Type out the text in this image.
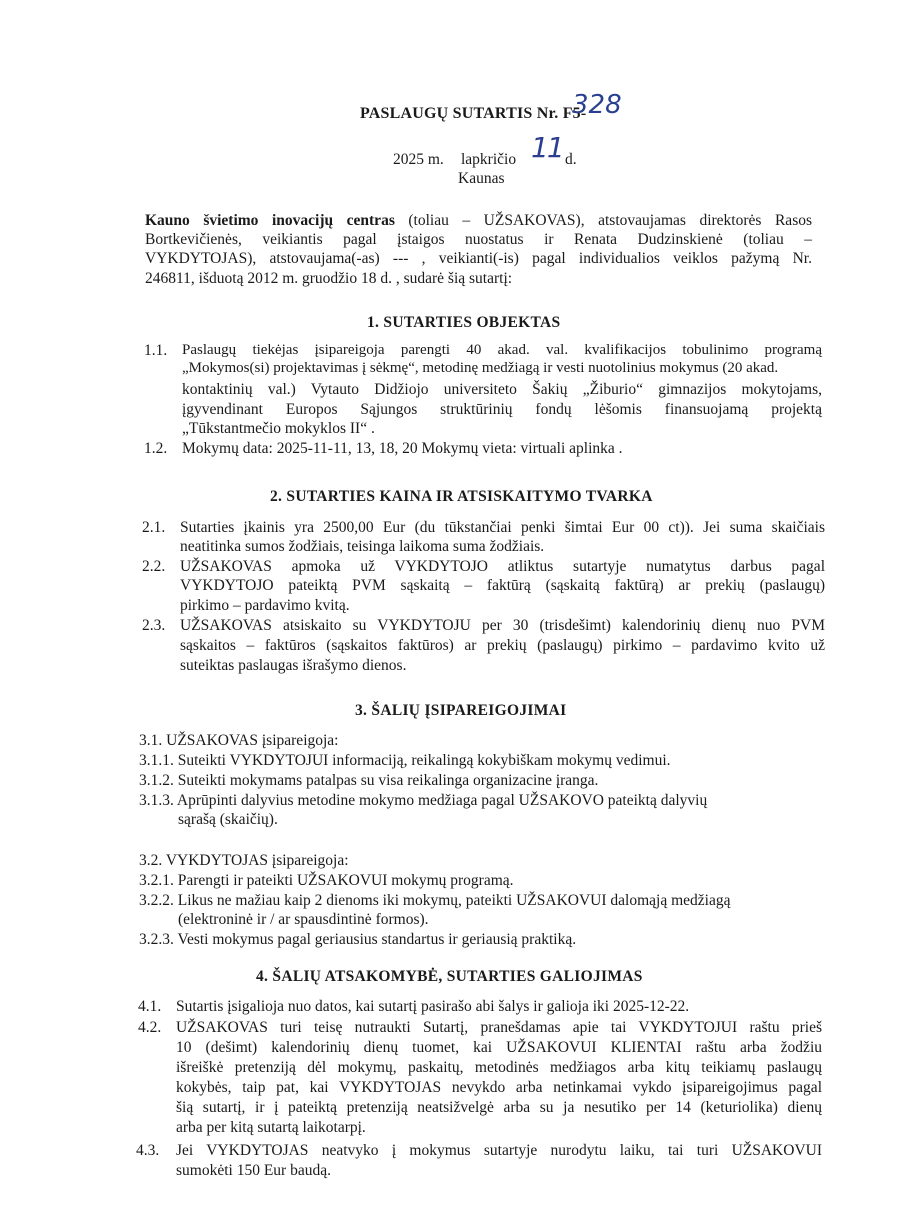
PASLAUGŲ SUTARTIS Nr. F5-
328
2025 m. lapkričio 11 d.
Kaunas
Kauno švietimo inovacijų centras (toliau – UŽSAKOVAS), atstovaujamas direktorės Rasos
Bortkevičienės, veikiantis pagal įstaigos nuostatus ir Renata Dudzinskienė (toliau –
VYKDYTOJAS), atstovaujama(-as) --- , veikianti(-is) pagal individualios veiklos pažymą Nr.
246811, išduotą 2012 m. gruodžio 18 d. , sudarė šią sutartį:
1. SUTARTIES OBJEKTAS
1.1. Paslaugų tiekėjas įsipareigoja parengti 40 akad. val. kvalifikacijos tobulinimo programą
„Mokymos(si) projektavimas į sėkmę“, metodinę medžiagą ir vesti nuotolinius mokymus (20 akad.
kontaktinių val.) Vytauto Didžiojo universiteto Šakių „Žiburio“ gimnazijos mokytojams,
įgyvendinant Europos Sąjungos struktūrinių fondų lėšomis finansuojamą projektą
„Tūkstantmečio mokyklos II“ .
1.2. Mokymų data: 2025-11-11, 13, 18, 20 Mokymų vieta: virtuali aplinka .
2. SUTARTIES KAINA IR ATSISKAITYMO TVARKA
2.1. Sutarties įkainis yra 2500,00 Eur (du tūkstančiai penki šimtai Eur 00 ct)). Jei suma skaičiais
neatitinka sumos žodžiais, teisinga laikoma suma žodžiais.
2.2. UŽSAKOVAS apmoka už VYKDYTOJO atliktus sutartyje numatytus darbus pagal
VYKDYTOJO pateiktą PVM sąskaitą – faktūrą (sąskaitą faktūrą) ar prekių (paslaugų)
pirkimo – pardavimo kvitą.
2.3. UŽSAKOVAS atsiskaito su VYKDYTOJU per 30 (trisdešimt) kalendorinių dienų nuo PVM
sąskaitos – faktūros (sąskaitos faktūros) ar prekių (paslaugų) pirkimo – pardavimo kvito už
suteiktas paslaugas išrašymo dienos.
3. ŠALIŲ ĮSIPAREIGOJIMAI
3.1. UŽSAKOVAS įsipareigoja:
3.1.1. Suteikti VYKDYTOJUI informaciją, reikalingą kokybiškam mokymų vedimui.
3.1.2. Suteikti mokymams patalpas su visa reikalinga organizacine įranga.
3.1.3. Aprūpinti dalyvius metodine mokymo medžiaga pagal UŽSAKOVO pateiktą dalyvių
sąrašą (skaičių).
3.2. VYKDYTOJAS įsipareigoja:
3.2.1. Parengti ir pateikti UŽSAKOVUI mokymų programą.
3.2.2. Likus ne mažiau kaip 2 dienoms iki mokymų, pateikti UŽSAKOVUI dalomąją medžiagą
(elektroninė ir / ar spausdintinė formos).
3.2.3. Vesti mokymus pagal geriausius standartus ir geriausią praktiką.
4. ŠALIŲ ATSAKOMYBĖ, SUTARTIES GALIOJIMAS
4.1. Sutartis įsigalioja nuo datos, kai sutartį pasirašo abi šalys ir galioja iki 2025-12-22.
4.2. UŽSAKOVAS turi teisę nutraukti Sutartį, pranešdamas apie tai VYKDYTOJUI raštu prieš
10 (dešimt) kalendorinių dienų tuomet, kai UŽSAKOVUI KLIENTAI raštu arba žodžiu
išreiškė pretenziją dėl mokymų, paskaitų, metodinės medžiagos arba kitų teikiamų paslaugų
kokybės, taip pat, kai VYKDYTOJAS nevykdo arba netinkamai vykdo įsipareigojimus pagal
šią sutartį, ir į pateiktą pretenziją neatsižvelgė arba su ja nesutiko per 14 (keturiolika) dienų
arba per kitą sutartą laikotarpį.
4.3. Jei VYKDYTOJAS neatvyko į mokymus sutartyje nurodytu laiku, tai turi UŽSAKOVUI
sumokėti 150 Eur baudą.
